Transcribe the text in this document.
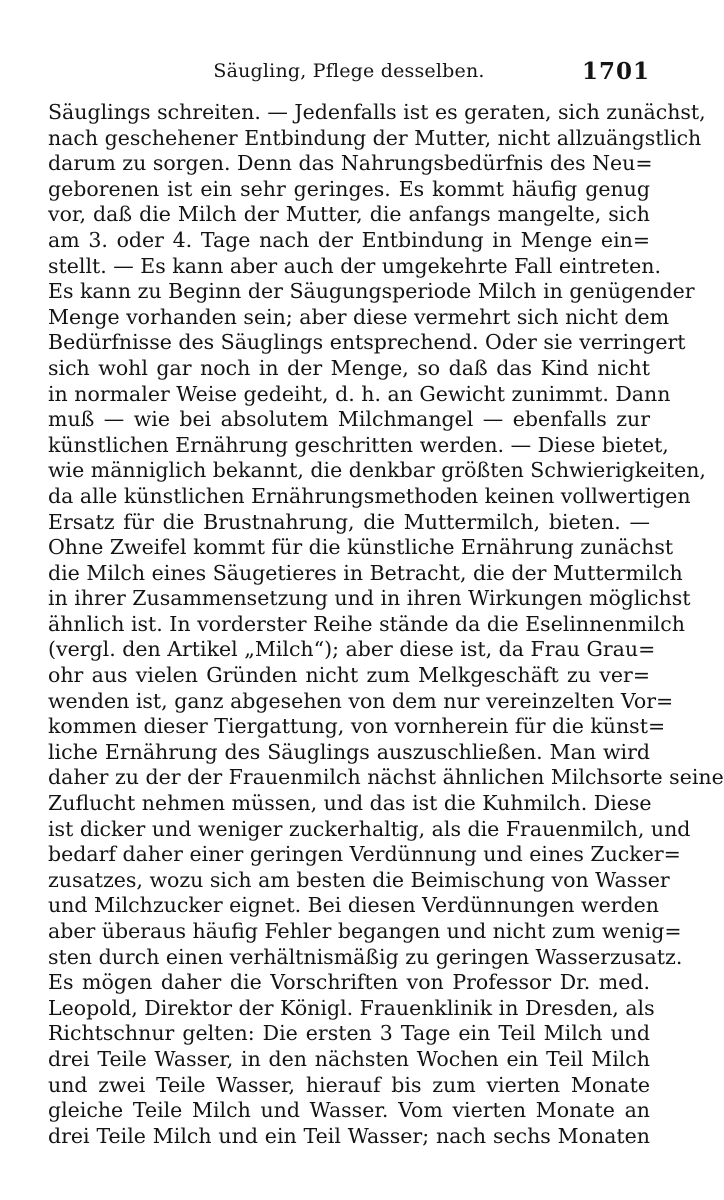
Säugling, Pflege desselben.	1701
Säuglings schreiten. — Jedenfalls ist es geraten, sich zunächst,
nach geschehener Entbindung der Mutter, nicht allzuängstlich
darum zu sorgen. Denn das Nahrungsbedürfnis des Neu=
geborenen ist ein sehr geringes. Es kommt häufig genug
vor, daß die Milch der Mutter, die anfangs mangelte, sich
am 3. oder 4. Tage nach der Entbindung in Menge ein=
stellt. — Es kann aber auch der umgekehrte Fall eintreten.
Es kann zu Beginn der Säugungsperiode Milch in genügender
Menge vorhanden sein; aber diese vermehrt sich nicht dem
Bedürfnisse des Säuglings entsprechend. Oder sie verringert
sich wohl gar noch in der Menge, so daß das Kind nicht
in normaler Weise gedeiht, d. h. an Gewicht zunimmt. Dann
muß — wie bei absolutem Milchmangel — ebenfalls zur
künstlichen Ernährung geschritten werden. — Diese bietet,
wie männiglich bekannt, die denkbar größten Schwierigkeiten,
da alle künstlichen Ernährungsmethoden keinen vollwertigen
Ersatz für die Brustnahrung, die Muttermilch, bieten. —
Ohne Zweifel kommt für die künstliche Ernährung zunächst
die Milch eines Säugetieres in Betracht, die der Muttermilch
in ihrer Zusammensetzung und in ihren Wirkungen möglichst
ähnlich ist. In vorderster Reihe stände da die Eselinnenmilch
(vergl. den Artikel „Milch“); aber diese ist, da Frau Grau=
ohr aus vielen Gründen nicht zum Melkgeschäft zu ver=
wenden ist, ganz abgesehen von dem nur vereinzelten Vor=
kommen dieser Tiergattung, von vornherein für die künst=
liche Ernährung des Säuglings auszuschließen. Man wird
daher zu der der Frauenmilch nächst ähnlichen Milchsorte seine
Zuflucht nehmen müssen, und das ist die Kuhmilch. Diese
ist dicker und weniger zuckerhaltig, als die Frauenmilch, und
bedarf daher einer geringen Verdünnung und eines Zucker=
zusatzes, wozu sich am besten die Beimischung von Wasser
und Milchzucker eignet. Bei diesen Verdünnungen werden
aber überaus häufig Fehler begangen und nicht zum wenig=
sten durch einen verhältnismäßig zu geringen Wasserzusatz.
Es mögen daher die Vorschriften von Professor Dr. med.
Leopold, Direktor der Königl. Frauenklinik in Dresden, als
Richtschnur gelten: Die ersten 3 Tage ein Teil Milch und
drei Teile Wasser, in den nächsten Wochen ein Teil Milch
und zwei Teile Wasser, hierauf bis zum vierten Monate
gleiche Teile Milch und Wasser. Vom vierten Monate an
drei Teile Milch und ein Teil Wasser; nach sechs Monaten
